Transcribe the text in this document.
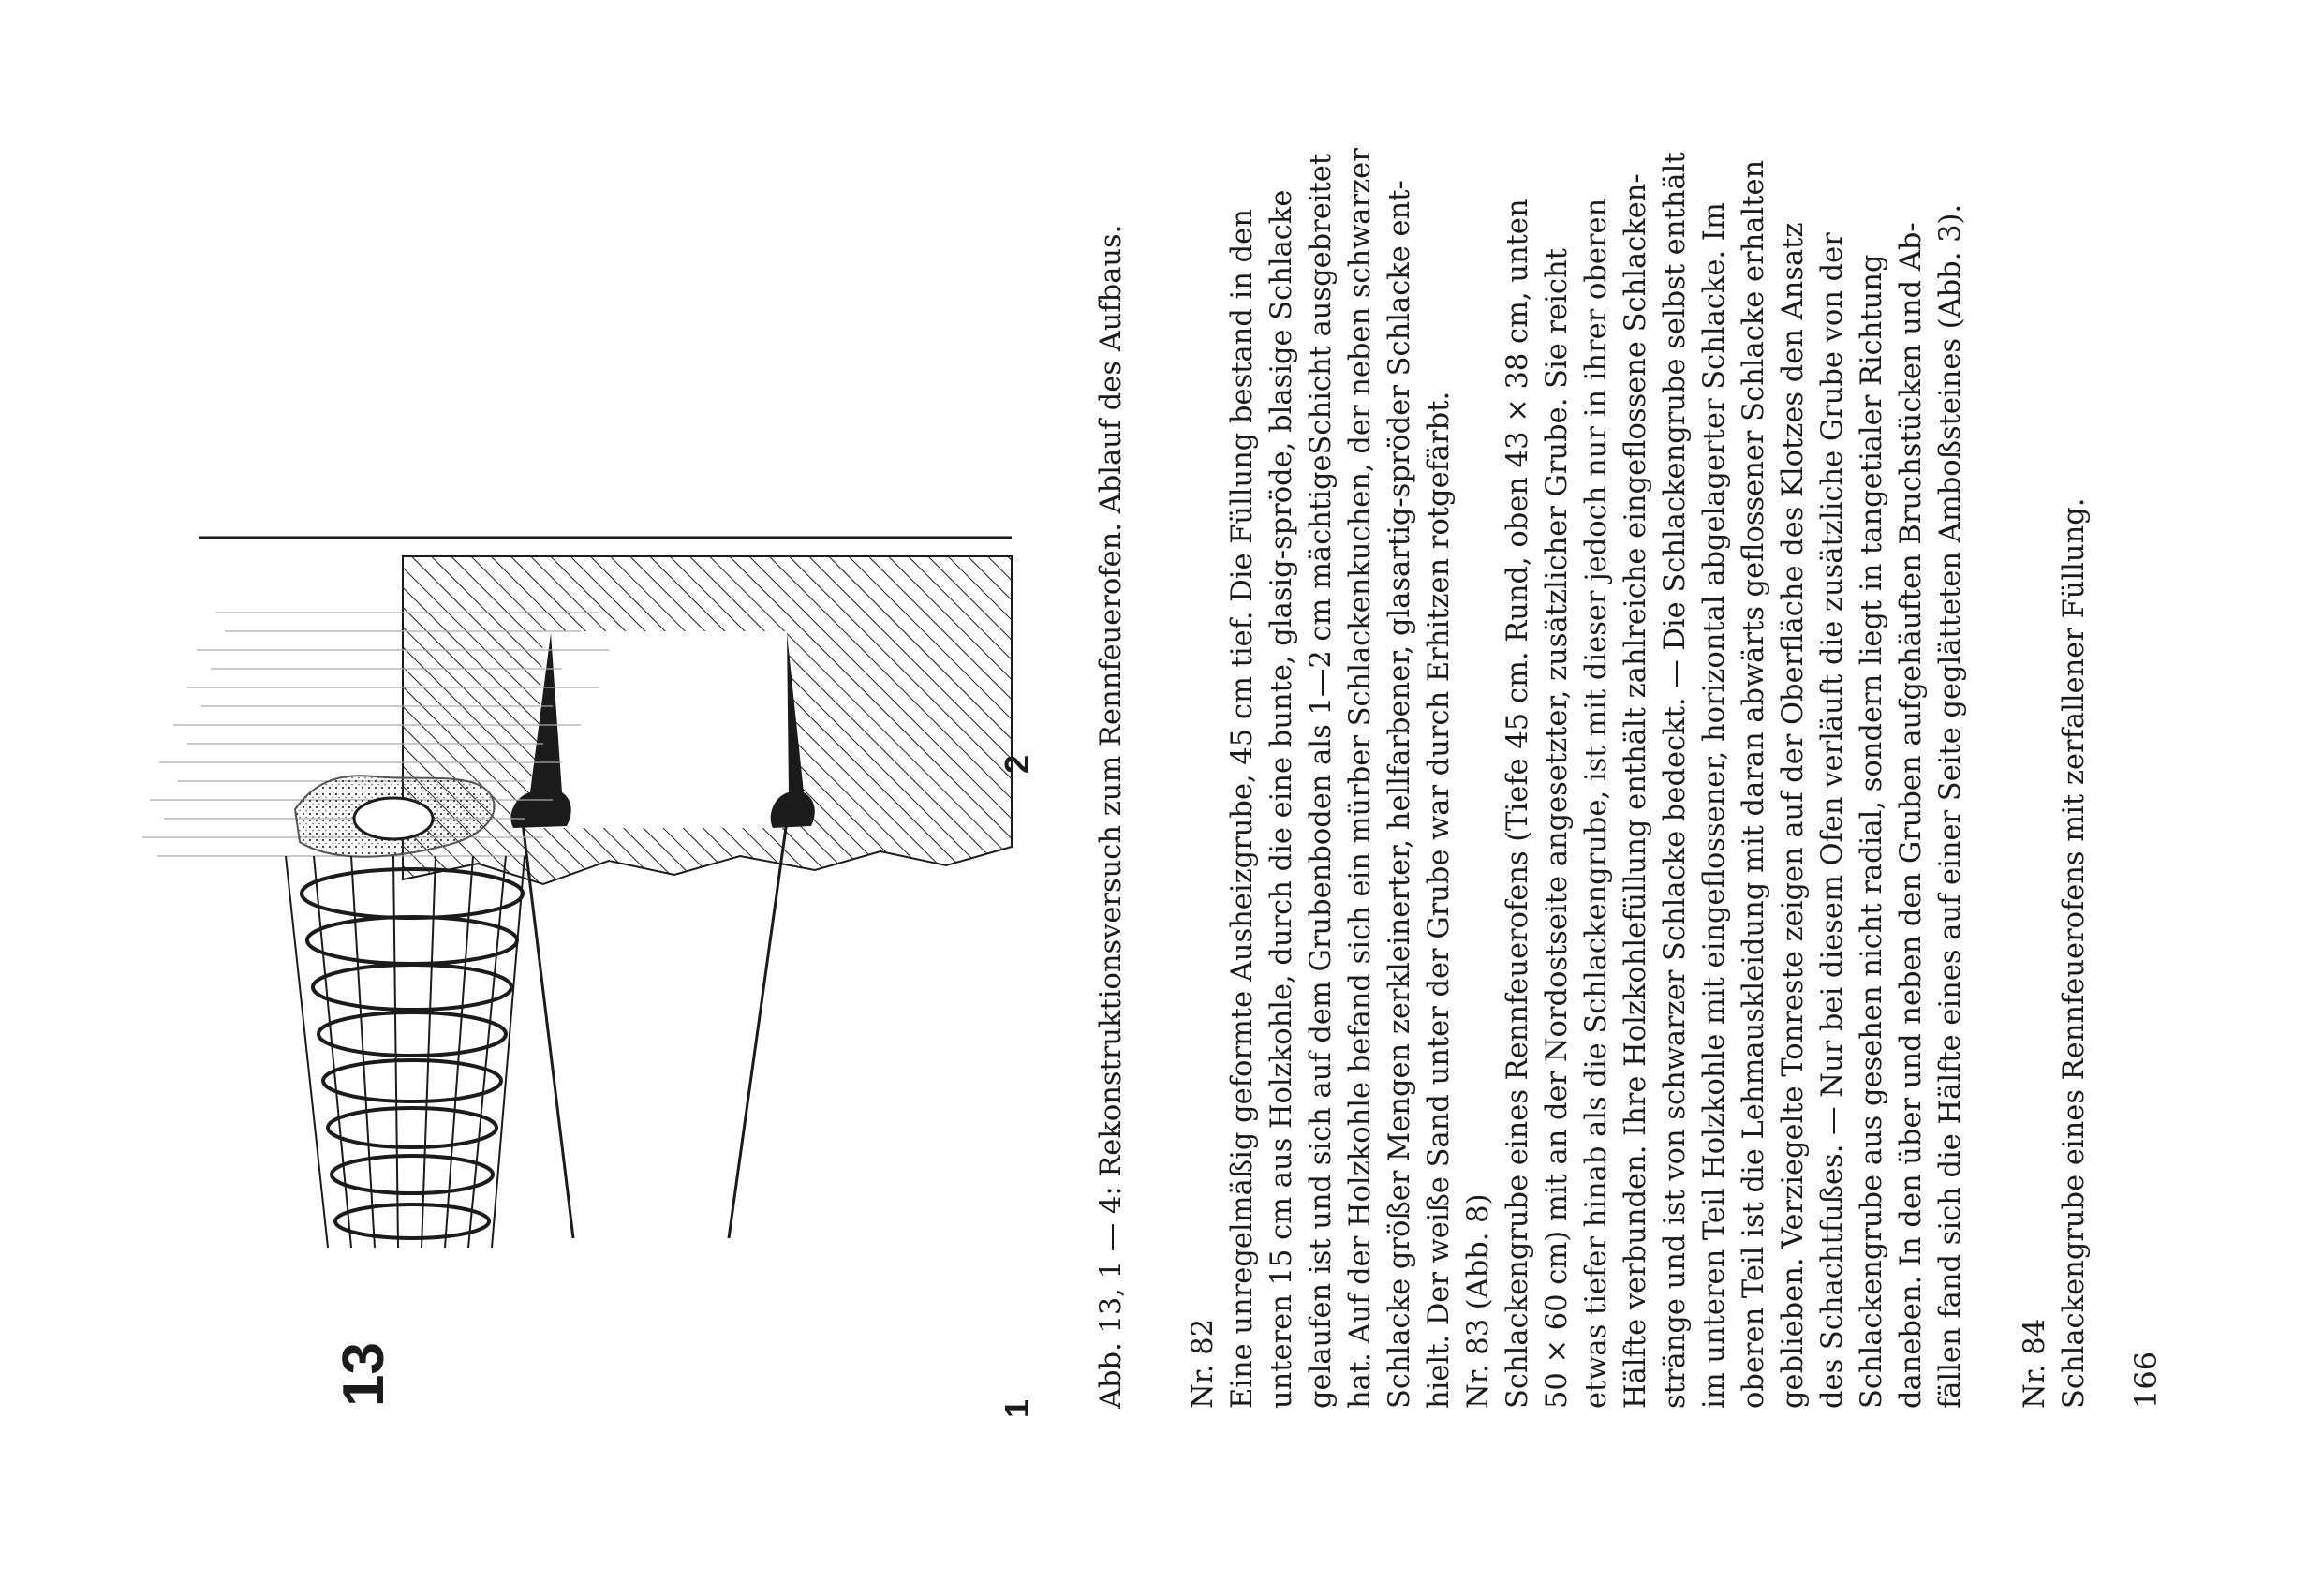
13
1
2 Abb. 13, 1 — 4: Rekonstruktionsversuch zum Rennfeuerofen. Ablauf des Aufbaus. Nr. 82 Eine unregelmäßig geformte Ausheizgrube, 45 cm tief. Die Füllung bestand in den unteren 15 cm aus Holzkohle, durch die eine bunte, glasig-spröde, blasige Schlacke gelaufen ist und sich auf dem Grubenboden als 1—2 cm mächtigeSchicht ausgebreitet hat. Auf der Holzkohle befand sich ein mürber Schlackenkuchen, der neben schwarzer Schlacke größer Mengen zerkleinerter, hellfarbener, glasartig-spröder Schlacke ent- hielt. Der weiße Sand unter der Grube war durch Erhitzen rotgefärbt. Nr. 83 (Abb. 8) Schlackengrube eines Rennfeuerofens (Tiefe 45 cm. Rund, oben 43 × 38 cm, unten 50 × 60 cm) mit an der Nordostseite angesetzter, zusätzlicher Grube. Sie reicht etwas tiefer hinab als die Schlackengrube, ist mit dieser jedoch nur in ihrer oberen Hälfte verbunden. Ihre Holzkohlefüllung enthält zahlreiche eingeflossene Schlacken- stränge und ist von schwarzer Schlacke bedeckt. — Die Schlackengrube selbst enthält im unteren Teil Holzkohle mit eingeflossener, horizontal abgelagerter Schlacke. Im oberen Teil ist die Lehmauskleidung mit daran abwärts geflossener Schlacke erhalten geblieben. Verziegelte Tonreste zeigen auf der Oberfläche des Klotzes den Ansatz des Schachtfußes. — Nur bei diesem Ofen verläuft die zusätzliche Grube von der Schlackengrube aus gesehen nicht radial, sondern liegt in tangetialer Richtung daneben. In den über und neben den Gruben aufgehäuften Bruchstücken und Ab- fällen fand sich die Hälfte eines auf einer Seite geglätteten Amboßsteines (Abb. 3). Nr. 84 Schlackengrube eines Rennfeuerofens mit zerfallener Füllung. 166
